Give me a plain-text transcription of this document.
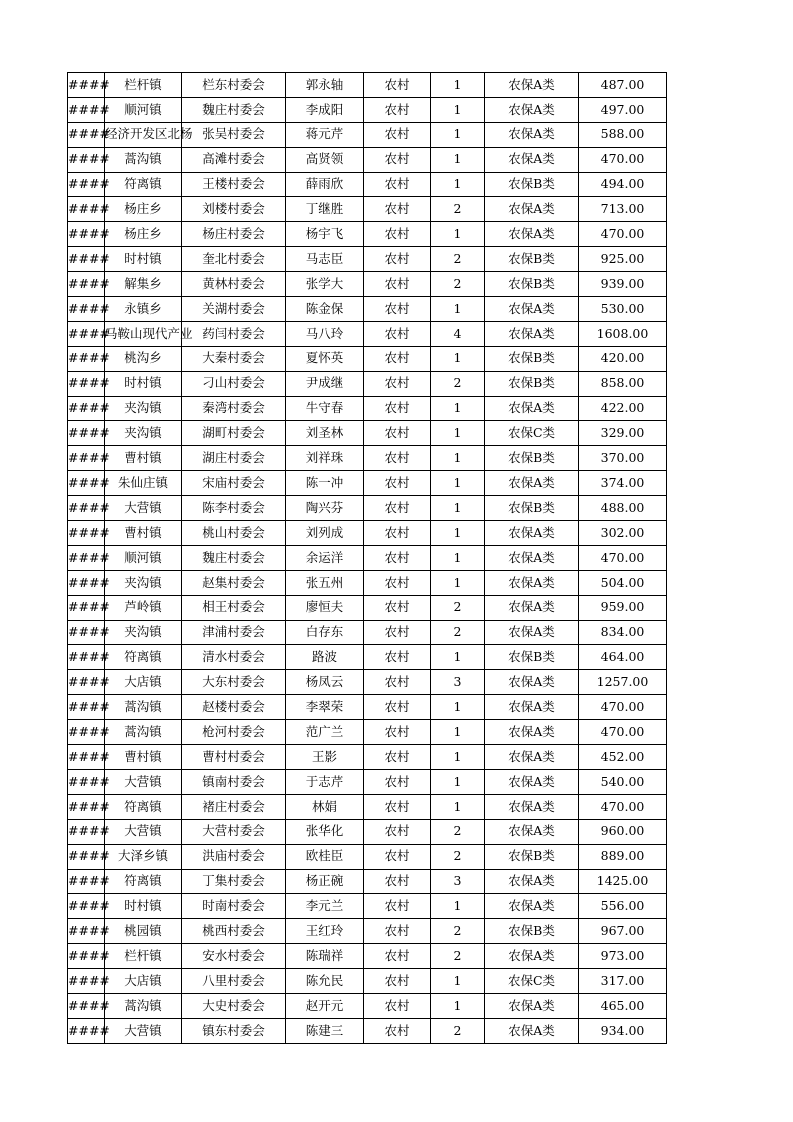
####	栏杆镇	栏东村委会	郭永轴	农村	1	农保A类	487.00
####	顺河镇	魏庄村委会	李成阳	农村	1	农保A类	497.00
####	经济开发区北杨	张吴村委会	蒋元芹	农村	1	农保A类	588.00
####	蒿沟镇	高滩村委会	高贤领	农村	1	农保A类	470.00
####	符离镇	王楼村委会	薛雨欣	农村	1	农保B类	494.00
####	杨庄乡	刘楼村委会	丁继胜	农村	2	农保A类	713.00
####	杨庄乡	杨庄村委会	杨宇飞	农村	1	农保A类	470.00
####	时村镇	奎北村委会	马志臣	农村	2	农保B类	925.00
####	解集乡	黄林村委会	张学大	农村	2	农保B类	939.00
####	永镇乡	关湖村委会	陈金保	农村	1	农保A类	530.00
####	马鞍山现代产业	药闫村委会	马八玲	农村	4	农保A类	1608.00
####	桃沟乡	大秦村委会	夏怀英	农村	1	农保B类	420.00
####	时村镇	刁山村委会	尹成继	农村	2	农保B类	858.00
####	夹沟镇	秦湾村委会	牛守春	农村	1	农保A类	422.00
####	夹沟镇	湖町村委会	刘圣林	农村	1	农保C类	329.00
####	曹村镇	湖庄村委会	刘祥珠	农村	1	农保B类	370.00
####	朱仙庄镇	宋庙村委会	陈一冲	农村	1	农保A类	374.00
####	大营镇	陈李村委会	陶兴芬	农村	1	农保B类	488.00
####	曹村镇	桃山村委会	刘列成	农村	1	农保A类	302.00
####	顺河镇	魏庄村委会	余运洋	农村	1	农保A类	470.00
####	夹沟镇	赵集村委会	张五州	农村	1	农保A类	504.00
####	芦岭镇	相王村委会	廖恒夫	农村	2	农保A类	959.00
####	夹沟镇	津浦村委会	白存东	农村	2	农保A类	834.00
####	符离镇	清水村委会	路波	农村	1	农保B类	464.00
####	大店镇	大东村委会	杨凤云	农村	3	农保A类	1257.00
####	蒿沟镇	赵楼村委会	李翠荣	农村	1	农保A类	470.00
####	蒿沟镇	枪河村委会	范广兰	农村	1	农保A类	470.00
####	曹村镇	曹村村委会	王影	农村	1	农保A类	452.00
####	大营镇	镇南村委会	于志芹	农村	1	农保A类	540.00
####	符离镇	褚庄村委会	林娟	农村	1	农保A类	470.00
####	大营镇	大营村委会	张华化	农村	2	农保A类	960.00
####	大泽乡镇	洪庙村委会	欧桂臣	农村	2	农保B类	889.00
####	符离镇	丁集村委会	杨正碗	农村	3	农保A类	1425.00
####	时村镇	时南村委会	李元兰	农村	1	农保A类	556.00
####	桃园镇	桃西村委会	王红玲	农村	2	农保B类	967.00
####	栏杆镇	安水村委会	陈瑞祥	农村	2	农保A类	973.00
####	大店镇	八里村委会	陈允民	农村	1	农保C类	317.00
####	蒿沟镇	大史村委会	赵开元	农村	1	农保A类	465.00
####	大营镇	镇东村委会	陈建三	农村	2	农保A类	934.00
